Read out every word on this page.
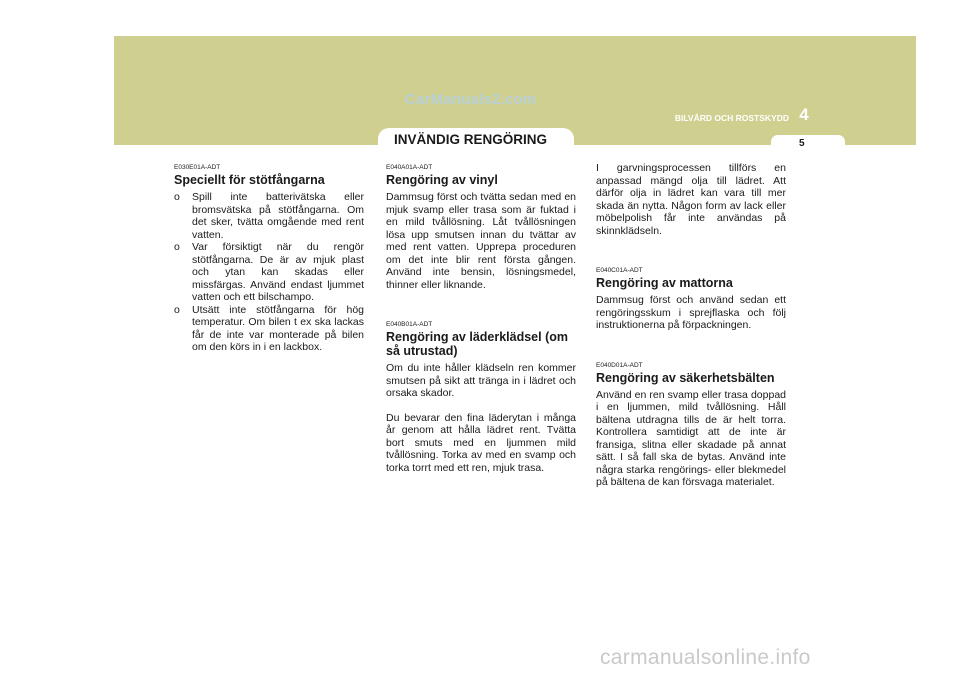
CarManuals2.com
INVÄNDIG RENGÖRING
BILVÅRD OCH ROSTSKYDD 4
5
E030E01A-ADT
Speciellt för stötfångarna
o Spill inte batterivätska eller bromsvätska på stötfångarna. Om det sker, tvätta omgående med rent vatten.
o Var försiktigt när du rengör stötfångarna. De är av mjuk plast och ytan kan skadas eller missfärgas. Använd endast ljummet vatten och ett bilschampo.
o Utsätt inte stötfångarna för hög temperatur. Om bilen t ex ska lackas får de inte var monterade på bilen om den körs in i en lackbox.
E040A01A-ADT
Rengöring av vinyl

Dammsug först och tvätta sedan med en mjuk svamp eller trasa som är fuktad i en mild tvållösning. Låt tvållösningen lösa upp smutsen innan du tvättar av med rent vatten. Upprepa proceduren om det inte blir rent första gången. Använd inte bensin, lösningsmedel, thinner eller liknande.

E040B01A-ADT
Rengöring av läderklädsel (om så utrustad)

Om du inte håller klädseln ren kommer smutsen på sikt att tränga in i lädret och orsaka skador.

Du bevarar den fina läderytan i många år genom att hålla lädret rent. Tvätta bort smuts med en ljummen mild tvållösning. Torka av med en svamp och torka torrt med ett ren, mjuk trasa.

I garvningsprocessen tillförs en anpassad mängd olja till lädret. Att därför olja in lädret kan vara till mer skada än nytta. Någon form av lack eller möbelpolish får inte användas på skinnklädseln.

E040C01A-ADT
Rengöring av mattorna

Dammsug först och använd sedan ett rengöringsskum i sprejflaska och följ instruktionerna på förpackningen.

E040D01A-ADT
Rengöring av säkerhetsbälten

Använd en ren svamp eller trasa doppad i en ljummen, mild tvållösning. Håll bältena utdragna tills de är helt torra. Kontrollera samtidigt att de inte är fransiga, slitna eller skadade på annat sätt. I så fall ska de bytas. Använd inte några starka rengörings- eller blekmedel på bältena de kan försvaga materialet.

carmanualsonline.info
